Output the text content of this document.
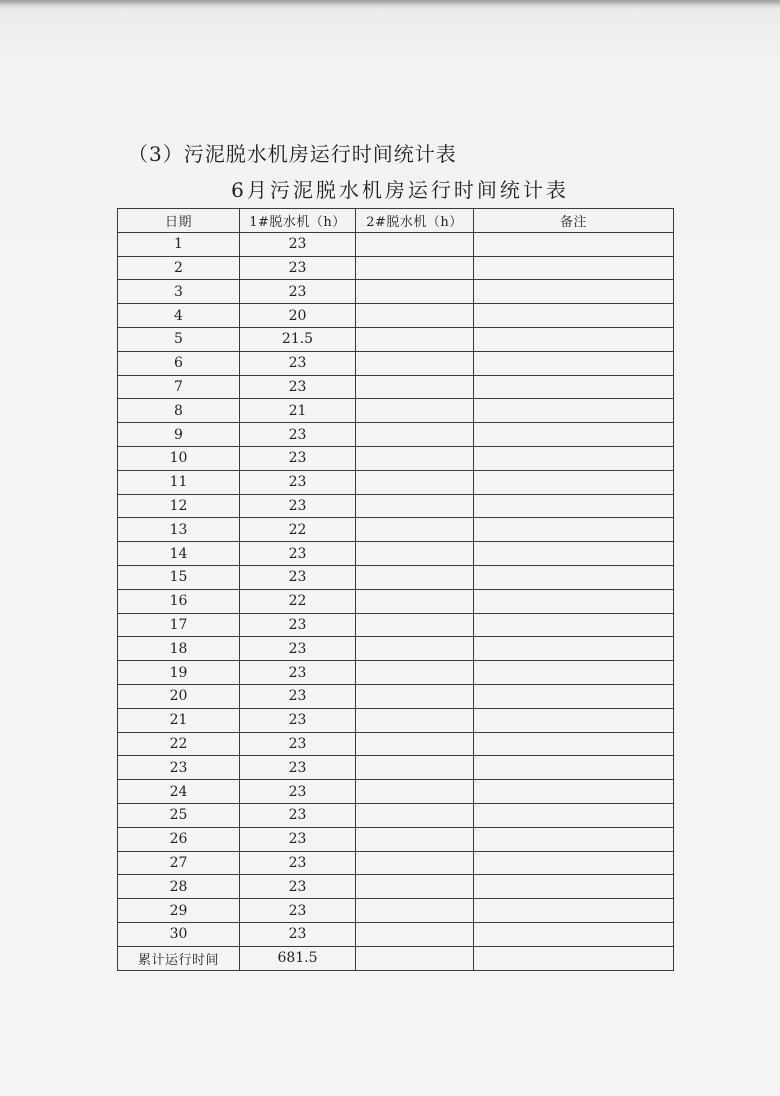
（3）污泥脱水机房运行时间统计表
6月污泥脱水机房运行时间统计表
日期	1#脱水机（h）	2#脱水机（h）	备注
1	23		
2	23		
3	23		
4	20		
5	21.5		
6	23		
7	23		
8	21		
9	23		
10	23		
11	23		
12	23		
13	22		
14	23		
15	23		
16	22		
17	23		
18	23		
19	23		
20	23		
21	23		
22	23		
23	23		
24	23		
25	23		
26	23		
27	23		
28	23		
29	23		
30	23		
累计运行时间	681.5		
